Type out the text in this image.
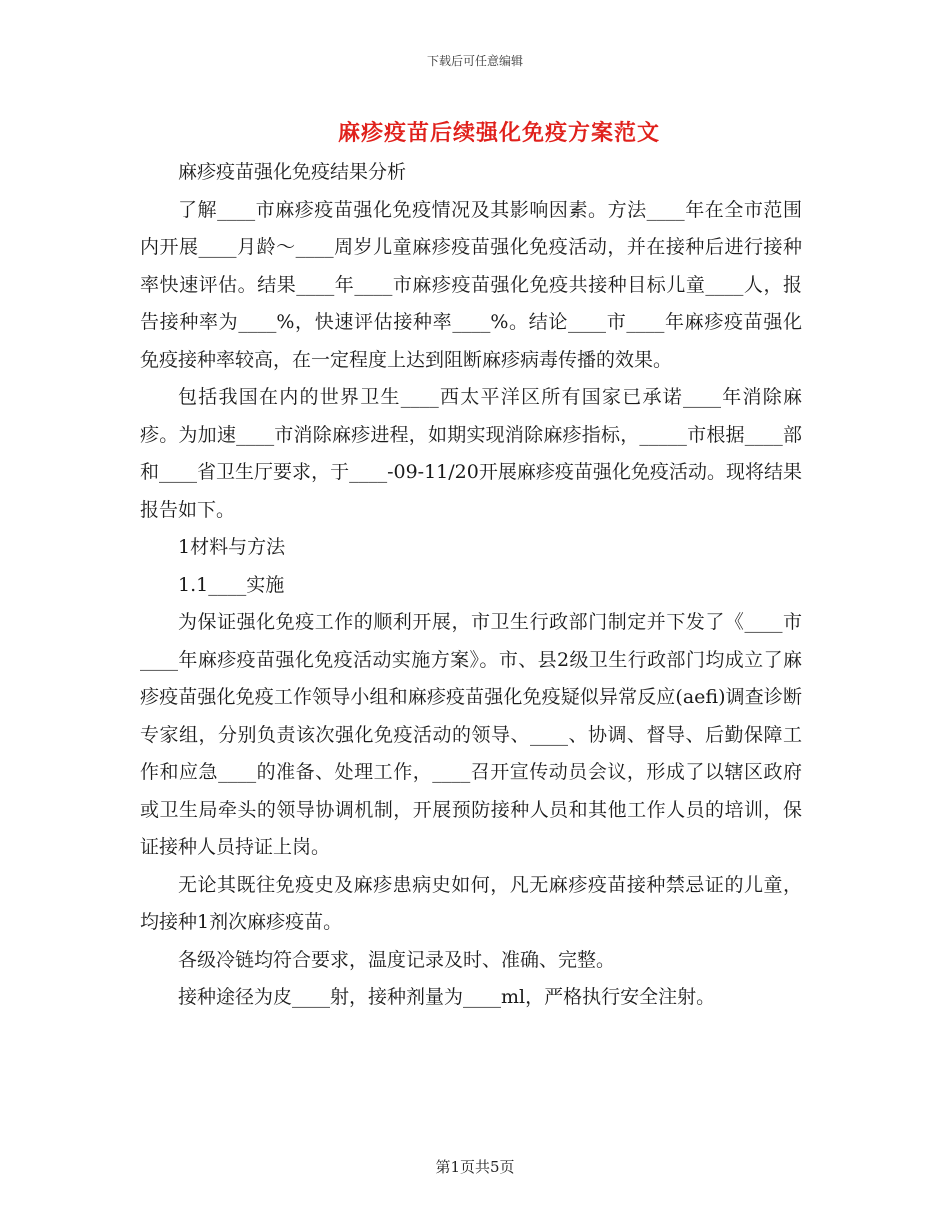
下载后可任意编辑
麻疹疫苗后续强化免疫方案范文

麻疹疫苗强化免疫结果分析

了解____市麻疹疫苗强化免疫情况及其影响因素。方法____年在全市范围内开展____月龄～____周岁儿童麻疹疫苗强化免疫活动，并在接种后进行接种率快速评估。结果____年____市麻疹疫苗强化免疫共接种目标儿童____人，报告接种率为____%，快速评估接种率____%。结论____市____年麻疹疫苗强化免疫接种率较高，在一定程度上达到阻断麻疹病毒传播的效果。

包括我国在内的世界卫生____西太平洋区所有国家已承诺____年消除麻疹。为加速____市消除麻疹进程，如期实现消除麻疹指标，_____市根据____部和____省卫生厅要求，于____-09-11/20开展麻疹疫苗强化免疫活动。现将结果报告如下。

1材料与方法

1.1____实施

为保证强化免疫工作的顺利开展，市卫生行政部门制定并下发了《____市____年麻疹疫苗强化免疫活动实施方案》。市、县2级卫生行政部门均成立了麻疹疫苗强化免疫工作领导小组和麻疹疫苗强化免疫疑似异常反应(aefi)调查诊断专家组，分别负责该次强化免疫活动的领导、____、协调、督导、后勤保障工作和应急____的准备、处理工作，____召开宣传动员会议，形成了以辖区政府或卫生局牵头的领导协调机制，开展预防接种人员和其他工作人员的培训，保证接种人员持证上岗。

无论其既往免疫史及麻疹患病史如何，凡无麻疹疫苗接种禁忌证的儿童，均接种1剂次麻疹疫苗。

各级冷链均符合要求，温度记录及时、准确、完整。

接种途径为皮____射，接种剂量为____ml，严格执行安全注射。

第1页共5页
